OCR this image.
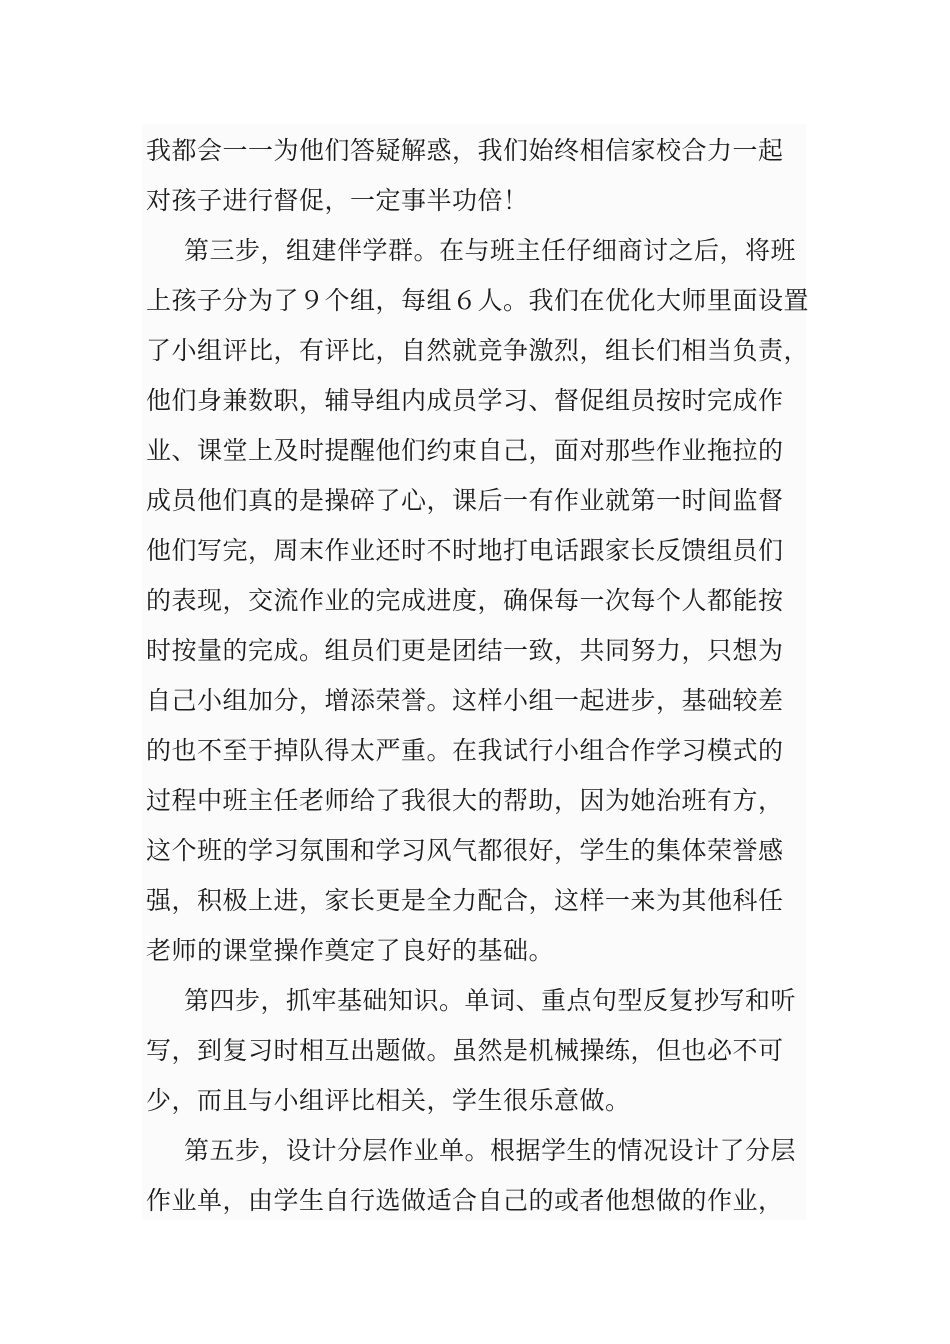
我都会一一为他们答疑解惑，我们始终相信家校合力一起
对孩子进行督促，一定事半功倍！
第三步，组建伴学群。在与班主任仔细商讨之后，将班
上孩子分为了９个组，每组６人。我们在优化大师里面设置
了小组评比，有评比，自然就竞争激烈，组长们相当负责，
他们身兼数职，辅导组内成员学习、督促组员按时完成作
业、课堂上及时提醒他们约束自己，面对那些作业拖拉的
成员他们真的是操碎了心，课后一有作业就第一时间监督
他们写完，周末作业还时不时地打电话跟家长反馈组员们
的表现，交流作业的完成进度，确保每一次每个人都能按
时按量的完成。组员们更是团结一致，共同努力，只想为
自己小组加分，增添荣誉。这样小组一起进步，基础较差
的也不至于掉队得太严重。在我试行小组合作学习模式的
过程中班主任老师给了我很大的帮助，因为她治班有方，
这个班的学习氛围和学习风气都很好，学生的集体荣誉感
强，积极上进，家长更是全力配合，这样一来为其他科任
老师的课堂操作奠定了良好的基础。
第四步，抓牢基础知识。单词、重点句型反复抄写和听
写，到复习时相互出题做。虽然是机械操练，但也必不可
少，而且与小组评比相关，学生很乐意做。
第五步，设计分层作业单。根据学生的情况设计了分层
作业单，由学生自行选做适合自己的或者他想做的作业，
